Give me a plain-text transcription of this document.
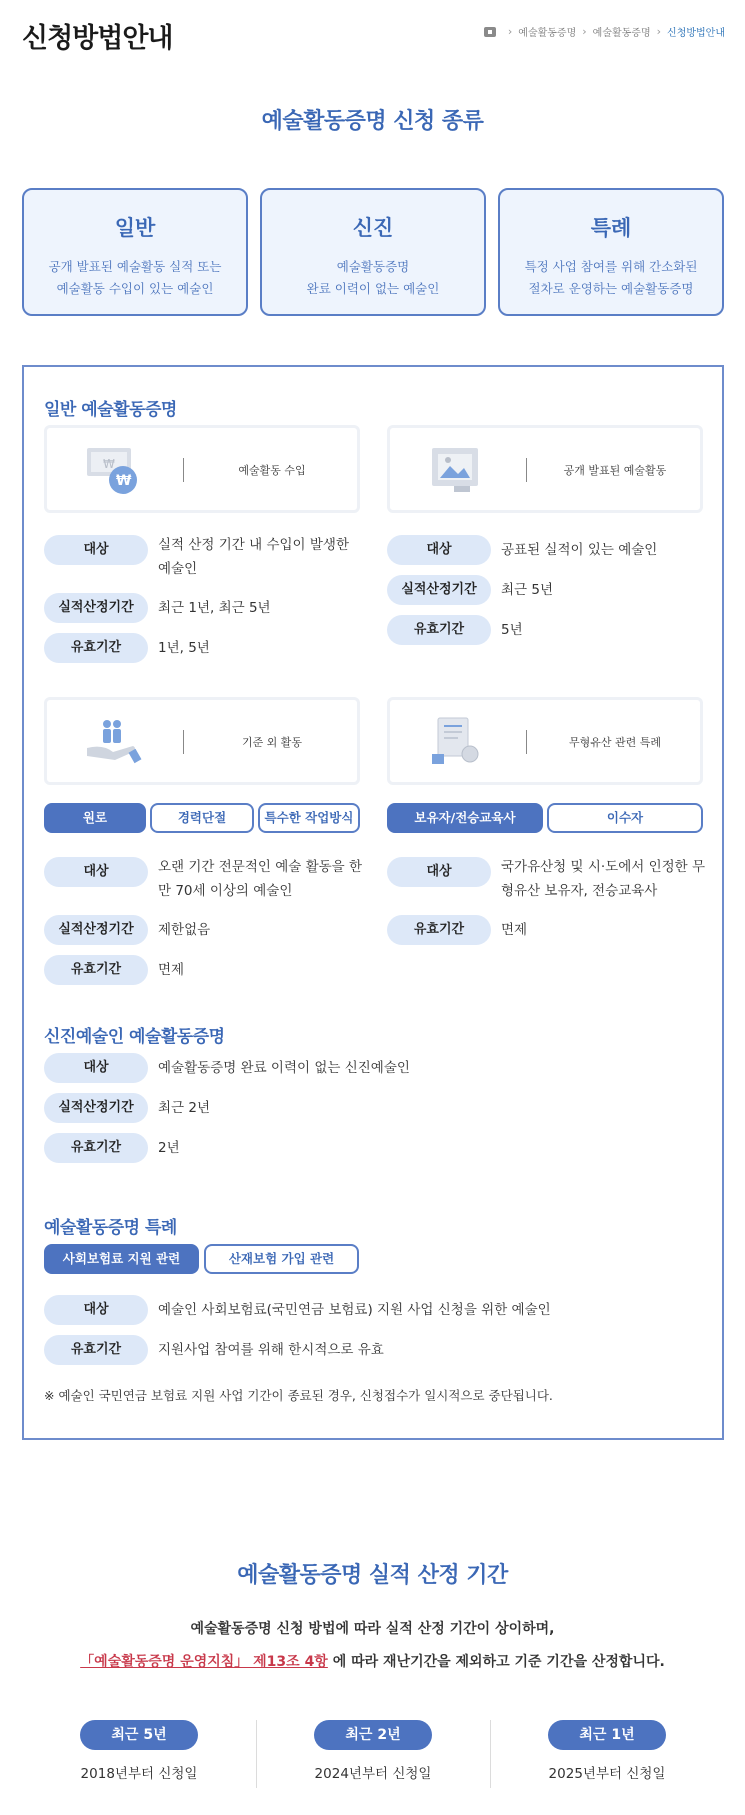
신청방법안내	› 예술활동증명 › 예술활동증명 › 신청방법안내
예술활동증명 신청 종류
일반
공개 발표된 예술활동 실적 또는
예술활동 수입이 있는 예술인
신진
예술활동증명
완료 이력이 없는 예술인
특례
특정 사업 참여를 위해 간소화된
절차로 운영하는 예술활동증명
일반 예술활동증명
₩
₩
예술활동 수입	공개 발표된 예술활동
대상	실적 산정 기간 내 수입이 발생한
예술인
실적산정기간	최근 1년, 최근 5년
유효기간	1년, 5년
대상	공표된 실적이 있는 예술인
실적산정기간	최근 5년
유효기간	5년
기준 외 활동	무형유산 관련 특례
원로	경력단절	특수한 작업방식	보유자/전승교육사	이수자
대상	오랜 기간 전문적인 예술 활동을 한
만 70세 이상의 예술인
실적산정기간	제한없음
유효기간	면제
대상	국가유산청 및 시·도에서 인정한 무
형유산 보유자, 전승교육사
유효기간	면제
신진예술인 예술활동증명
대상	예술활동증명 완료 이력이 없는 신진예술인
실적산정기간	최근 2년
유효기간	2년
예술활동증명 특례
사회보험료 지원 관련	산재보험 가입 관련
대상	예술인 사회보험료(국민연금 보험료) 지원 사업 신청을 위한 예술인
유효기간	지원사업 참여를 위해 한시적으로 유효
※ 예술인 국민연금 보험료 지원 사업 기간이 종료된 경우, 신청접수가 일시적으로 중단됩니다.
예술활동증명 실적 산정 기간
예술활동증명 신청 방법에 따라 실적 산정 기간이 상이하며,
「예술활동증명 운영지침」 제13조 4항 에 따라 재난기간을 제외하고 기준 기간을 산정합니다.
최근 5년
2018년부터 신청일
최근 2년
2024년부터 신청일
최근 1년
2025년부터 신청일
